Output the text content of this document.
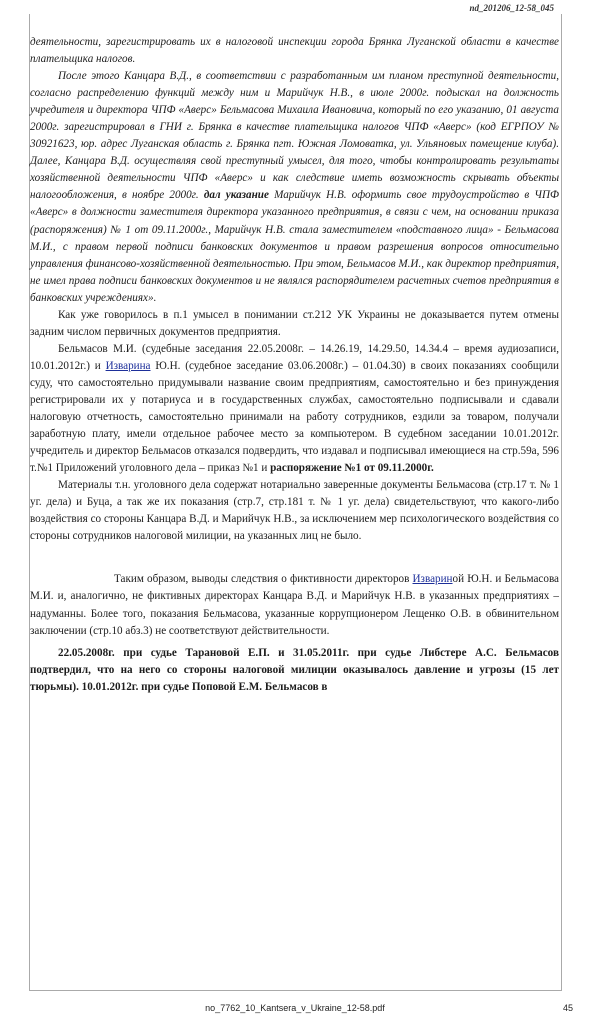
nd_201206_12-58_045

деятельности, зарегистрировать их в налоговой инспекции города Брянка Луганской области в качестве плательщика налогов.

После этого Канцара В.Д., в соответствии с разработанным им планом преступной деятельности, согласно распределению функций между ним и Марийчук Н.В., в июле 2000г. подыскал на должность учредителя и директора ЧПФ «Аверс» Бельмасова Михаила Ивановича, который по его указанию, 01 августа 2000г. зарегистрировал в ГНИ г. Брянка в качестве плательщика налогов ЧПФ «Аверс» (код ЕГРПОУ № 30921623, юр. адрес Луганская область г. Брянка пгт. Южная Ломоватка, ул. Ульяновых помещение клуба). Далее, Канцара В.Д. осуществляя свой преступный умысел, для того, чтобы контролировать результаты хозяйственной деятельности ЧПФ «Аверс» и как следствие иметь возможность скрывать объекты налогообложения, в ноябре 2000г. дал указание Марийчук Н.В. оформить свое трудоустройство в ЧПФ «Аверс» в должности заместителя директора указанного предприятия, в связи с чем, на основании приказа (распоряжения) № 1 от 09.11.2000г., Марийчук Н.В. стала заместителем «подставного лица» - Бельмасова М.И., с правом первой подписи банковских документов и правом разрешения вопросов относительно управления финансово-хозяйственной деятельностью. При этом, Бельмасов М.И., как директор предприятия, не имел права подписи банковских документов и не являлся распорядителем расчетных счетов предприятия в банковских учреждениях».

Как уже говорилось в п.1 умысел в понимании ст.212 УК Украины не доказывается путем отмены задним числом первичных документов предприятия.

Бельмасов М.И. (судебные заседания 22.05.2008г. – 14.26.19, 14.29.50, 14.34.4 – время аудиозаписи, 10.01.2012г.) и Изварина Ю.Н. (судебное заседание 03.06.2008г.) – 01.04.30) в своих показаниях сообщили суду, что самостоятельно придумывали название своим предприятиям, самостоятельно и без принуждения регистрировали их у потариуса и в государственных службах, самостоятельно подписывали и сдавали налоговую отчетность, самостоятельно принимали на работу сотрудников, ездили за товаром, получали заработную плату, имели отдельное рабочее место за компьютером. В судебном заседании 10.01.2012г. учредитель и директор Бельмасов отказался подвердить, что издавал и подписывал имеющиеся на стр.59а, 596 т.№1 Приложений уголовного дела – приказ №1 и распоряжение №1 от 09.11.2000г.

Материалы т.н. уголовного дела содержат нотариально заверенные документы Бельмасова (стр.17 т. № 1 уг. дела) и Буца, а так же их показания (стр.7, стр.181 т. № 1 уг. дела) свидетельствуют, что какого-либо воздействия со стороны Канцара В.Д. и Марийчук Н.В., за исключением мер психологического воздействия со стороны сотрудников налоговой милиции, на указанных лиц не было.

Таким образом, выводы следствия о фиктивности директоров Извариной Ю.Н. и Бельмасова М.И. и, аналогично, не фиктивных директорах Канцара В.Д. и Марийчук Н.В. в указанных предприятиях – надуманны. Более того, показания Бельмасова, указанные коррупционером Лещенко О.В. в обвинительном заключении (стр.10 абз.3) не соответствуют действительности.

22.05.2008г. при судье Тарановой Е.П. и 31.05.2011г. при судье Либстере А.С. Бельмасов подтвердил, что на него со стороны налоговой милиции оказывалось давление и угрозы (15 лет тюрьмы). 10.01.2012г. при судье Поповой Е.М. Бельмасов в

no_7762_10_Kantsera_v_Ukraine_12-58.pdf	45
